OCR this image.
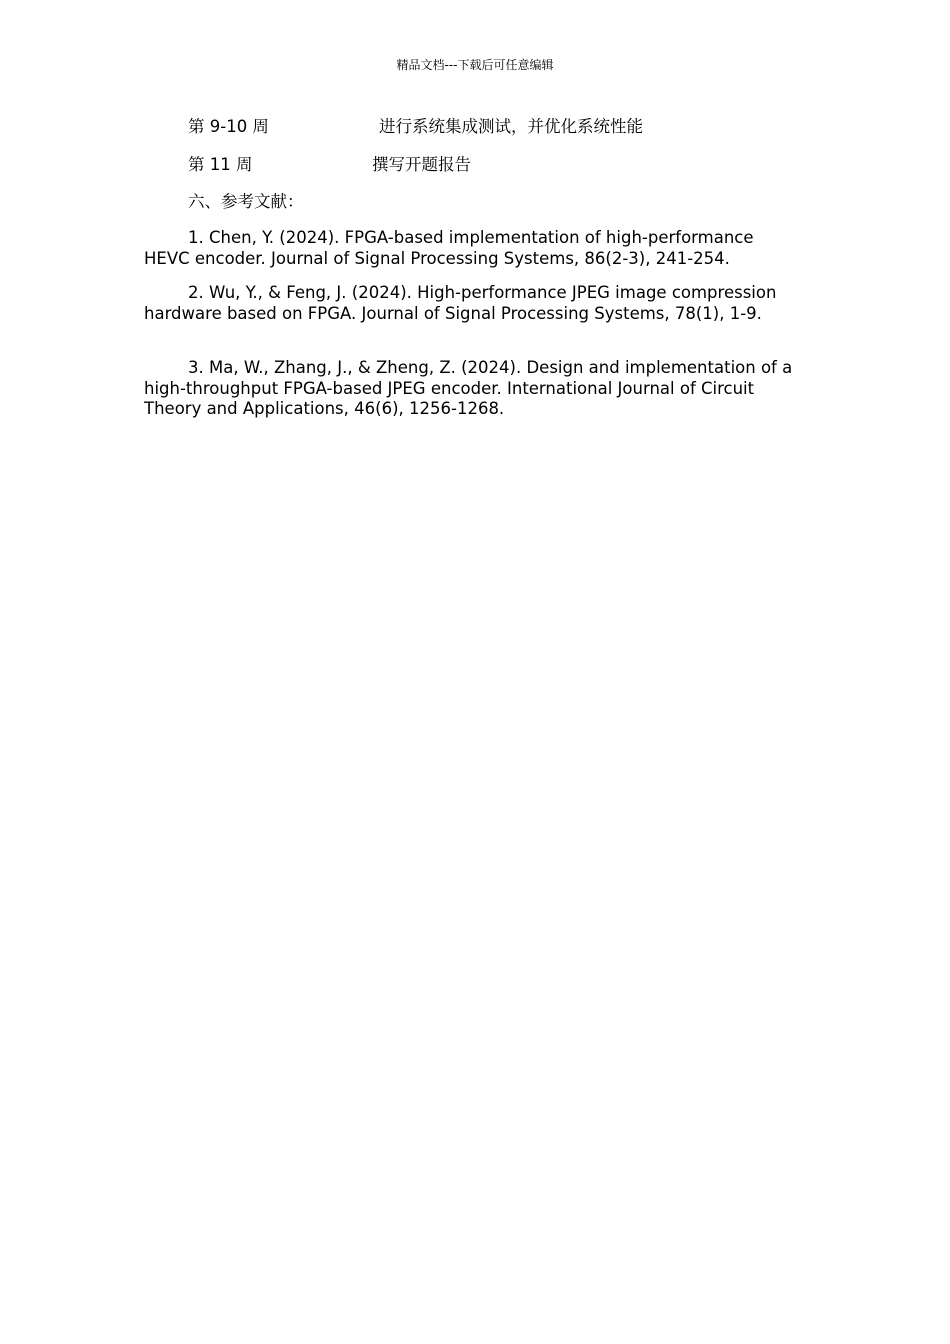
精品文档---下载后可任意编辑
第 9-10 周	进行系统集成测试，并优化系统性能
第 11 周	撰写开题报告
六、参考文献：

1. Chen, Y. (2024). FPGA-based implementation of high-performance HEVC encoder. Journal of Signal Processing Systems, 86(2-3), 241-254.

2. Wu, Y., & Feng, J. (2024). High-performance JPEG image compression hardware based on FPGA. Journal of Signal Processing Systems, 78(1), 1-9.

3. Ma, W., Zhang, J., & Zheng, Z. (2024). Design and implementation of a high-throughput FPGA-based JPEG encoder. International Journal of Circuit Theory and Applications, 46(6), 1256-1268.
